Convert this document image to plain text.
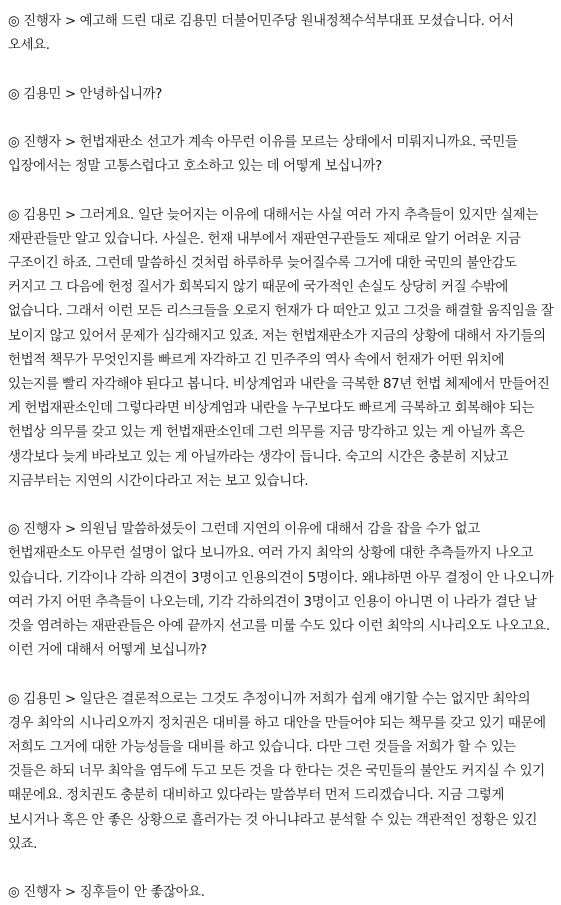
◎ 진행자 > 예고해 드린 대로 김용민 더불어민주당 원내정책수석부대표 모셨습니다. 어서 오세요.

◎ 김용민 > 안녕하십니까?

◎ 진행자 > 헌법재판소 선고가 계속 아무런 이유를 모르는 상태에서 미뤄지니까요. 국민들 입장에서는 정말 고통스럽다고 호소하고 있는 데 어떻게 보십니까?

◎ 김용민 > 그러게요. 일단 늦어지는 이유에 대해서는 사실 여러 가지 추측들이 있지만 실제는 재판관들만 알고 있습니다. 사실은. 헌재 내부에서 재판연구관들도 제대로 알기 어려운 지금 구조이긴 하죠. 그런데 말씀하신 것처럼 하루하루 늦어질수록 그거에 대한 국민의 불안감도 커지고 그 다음에 헌정 질서가 회복되지 않기 때문에 국가적인 손실도 상당히 커질 수밖에 없습니다. 그래서 이런 모든 리스크들을 오로지 헌재가 다 떠안고 있고 그것을 해결할 움직임을 잘 보이지 않고 있어서 문제가 심각해지고 있죠. 저는 헌법재판소가 지금의 상황에 대해서 자기들의 헌법적 책무가 무엇인지를 빠르게 자각하고 긴 민주주의 역사 속에서 헌재가 어떤 위치에 있는지를 빨리 자각해야 된다고 봅니다. 비상계엄과 내란을 극복한 87년 헌법 체제에서 만들어진 게 헌법재판소인데 그렇다라면 비상계엄과 내란을 누구보다도 빠르게 극복하고 회복해야 되는 헌법상 의무를 갖고 있는 게 헌법재판소인데 그런 의무를 지금 망각하고 있는 게 아닐까 혹은 생각보다 늦게 바라보고 있는 게 아닐까라는 생각이 듭니다. 숙고의 시간은 충분히 지났고 지금부터는 지연의 시간이다라고 저는 보고 있습니다.

◎ 진행자 > 의원님 말씀하셨듯이 그런데 지연의 이유에 대해서 감을 잡을 수가 없고 헌법재판소도 아무런 설명이 없다 보니까요. 여러 가지 최악의 상황에 대한 추측들까지 나오고 있습니다. 기각이나 각하 의견이 3명이고 인용의견이 5명이다. 왜냐하면 아무 결정이 안 나오니까 여러 가지 어떤 추측들이 나오는데, 기각 각하의견이 3명이고 인용이 아니면 이 나라가 결단 날 것을 염려하는 재판관들은 아예 끝까지 선고를 미룰 수도 있다 이런 최악의 시나리오도 나오고요. 이런 거에 대해서 어떻게 보십니까?

◎ 김용민 > 일단은 결론적으로는 그것도 추정이니까 저희가 쉽게 얘기할 수는 없지만 최악의 경우 최악의 시나리오까지 정치권은 대비를 하고 대안을 만들어야 되는 책무를 갖고 있기 때문에 저희도 그거에 대한 가능성들을 대비를 하고 있습니다. 다만 그런 것들을 저희가 할 수 있는 것들은 하되 너무 최악을 염두에 두고 모든 것을 다 한다는 것은 국민들의 불안도 커지실 수 있기 때문에요. 정치권도 충분히 대비하고 있다라는 말씀부터 먼저 드리겠습니다. 지금 그렇게 보시거나 혹은 안 좋은 상황으로 흘러가는 것 아니냐라고 분석할 수 있는 객관적인 정황은 있긴 있죠.

◎ 진행자 > 징후들이 안 좋잖아요.
